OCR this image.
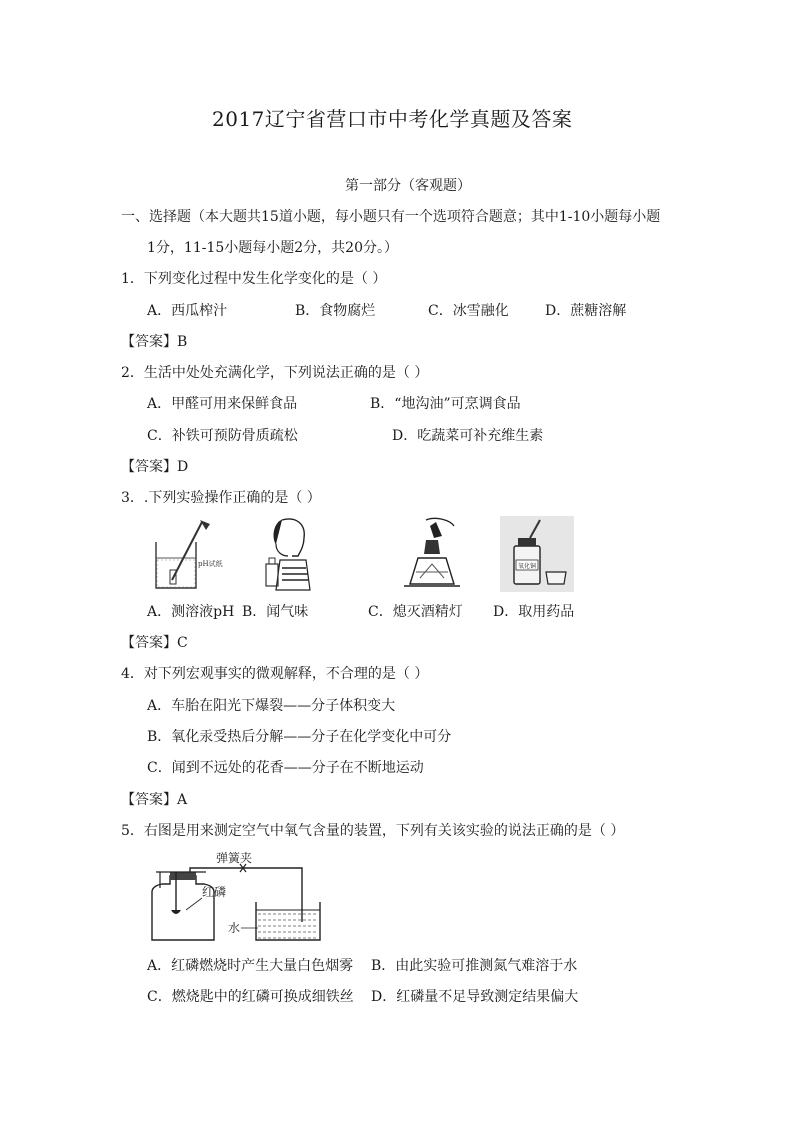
2017辽宁省营口市中考化学真题及答案
第一部分（客观题）
一、选择题（本大题共15道小题，每小题只有一个选项符合题意；其中1-10小题每小题
1分，11-15小题每小题2分，共20分。）
1．下列变化过程中发生化学变化的是（ ）
A．西瓜榨汁	B．食物腐烂	C．冰雪融化	D．蔗糖溶解
【答案】B
2．生活中处处充满化学，下列说法正确的是（ ）
A．甲醛可用来保鲜食品	B．“地沟油”可烹调食品
C．补铁可预防骨质疏松	D．吃蔬菜可补充维生素
【答案】D
3．.下列实验操作正确的是（ ）
pH试纸	氧化铜
A．测溶液pH B．闻气味	C．熄灭酒精灯 D．取用药品
【答案】C
4．对下列宏观事实的微观解释，不合理的是（ ）
A．车胎在阳光下爆裂——分子体积变大
B．氧化汞受热后分解——分子在化学变化中可分
C．闻到不远处的花香——分子在不断地运动
【答案】A
5．右图是用来测定空气中氧气含量的装置，下列有关该实验的说法正确的是（ ）
弹簧夹
红磷
水
A．红磷燃烧时产生大量白色烟雾 B．由此实验可推测氮气难溶于水
C．燃烧匙中的红磷可换成细铁丝 D．红磷量不足导致测定结果偏大
